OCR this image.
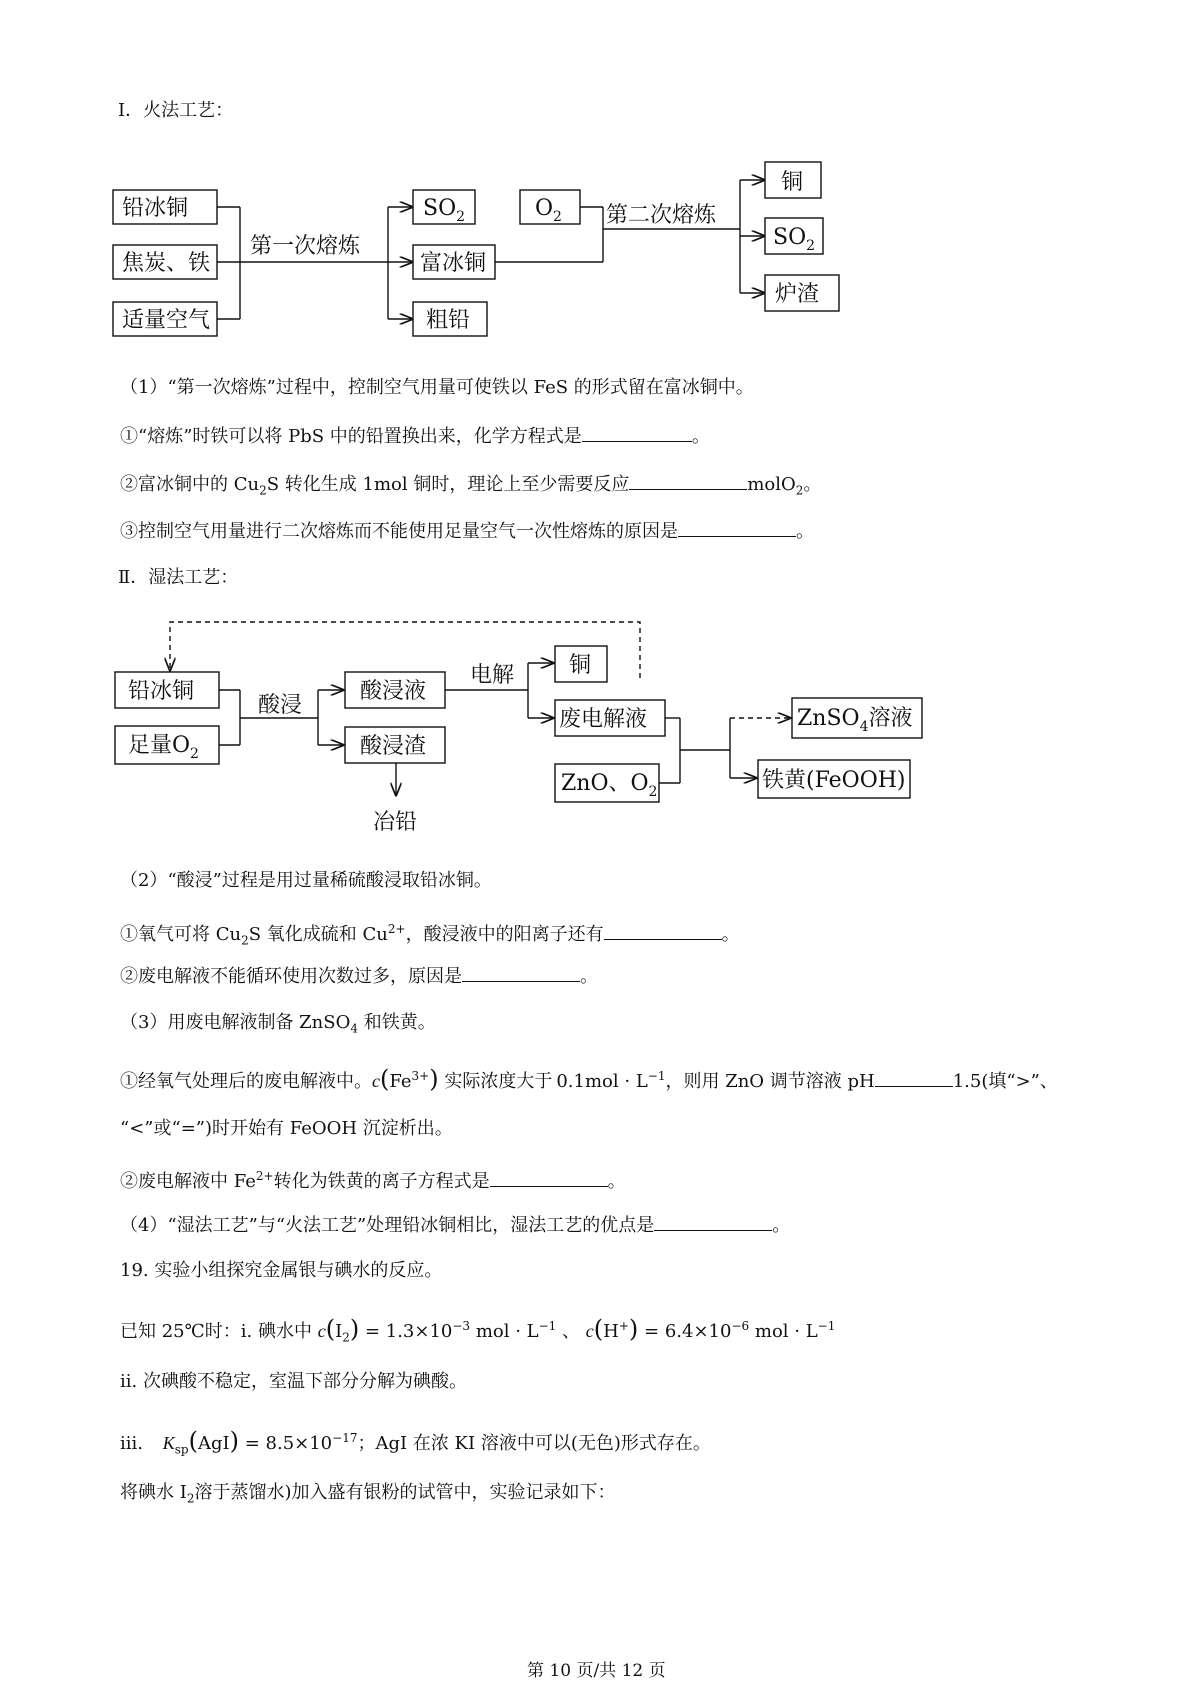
Ⅰ．火法工艺：
铅冰铜
焦炭、铁
适量空气
第一次熔炼
$SO_2$
富冰铜
粗铅
$O_2$ 第二次熔炼
铜
$SO_2$
炉渣
铅冰铜
足量$O_2$
酸浸
酸浸液
酸浸渣
冶铅
电解 铜
废电解液
ZnO、$O_2$
ZnSO$_4$溶液
铁黄(FeOOH)
（1）“第一次熔炼”过程中，控制空气用量可使铁以 FeS 的形式留在富冰铜中。
①“熔炼”时铁可以将 PbS 中的铅置换出来，化学方程式是	。
②富冰铜中的 $Cu_2S$ 转化生成 1mol 铜时，理论上至少需要反应	molO$_2$。
③控制空气用量进行二次熔炼而不能使用足量空气一次性熔炼的原因是	。
Ⅱ．湿法工艺：
（2）“酸浸”过程是用过量稀硫酸浸取铅冰铜。
①氧气可将 $Cu_2S$ 氧化成硫和 $Cu^{2+}$，酸浸液中的阳离子还有	。
②废电解液不能循环使用次数过多，原因是	。
（3）用废电解液制备 ZnSO$_4$ 和铁黄。
①经氧气处理后的废电解液中。$c(Fe^{3+})$ 实际浓度大于 $0.1mol \cdot L^{-1}$，则用 ZnO 调节溶液 pH	1.5(填“>”、
“<”或“=”)时开始有 FeOOH 沉淀析出。
②废电解液中 $Fe^{2+}$转化为铁黄的离子方程式是	。
（4）“湿法工艺”与“火法工艺”处理铅冰铜相比，湿法工艺的优点是	。
19. 实验小组探究金属银与碘水的反应。
已知 25℃时：i. 碘水中 $c(I_2) = 1.3\times 10^{-3}$ mol · $L^{-1}$ 、 $c(H^+) = 6.4\times 10^{-6}$ mol · $L^{-1}$
ii. 次碘酸不稳定，室温下部分分解为碘酸。
iii. $K_{sp}(AgI) = 8.5\times 10^{-17}$；AgI 在浓 KI 溶液中可以(无色)形式存在。
将碘水 $I_2$溶于蒸馏水)加入盛有银粉的试管中，实验记录如下：
第 10 页/共 12 页
